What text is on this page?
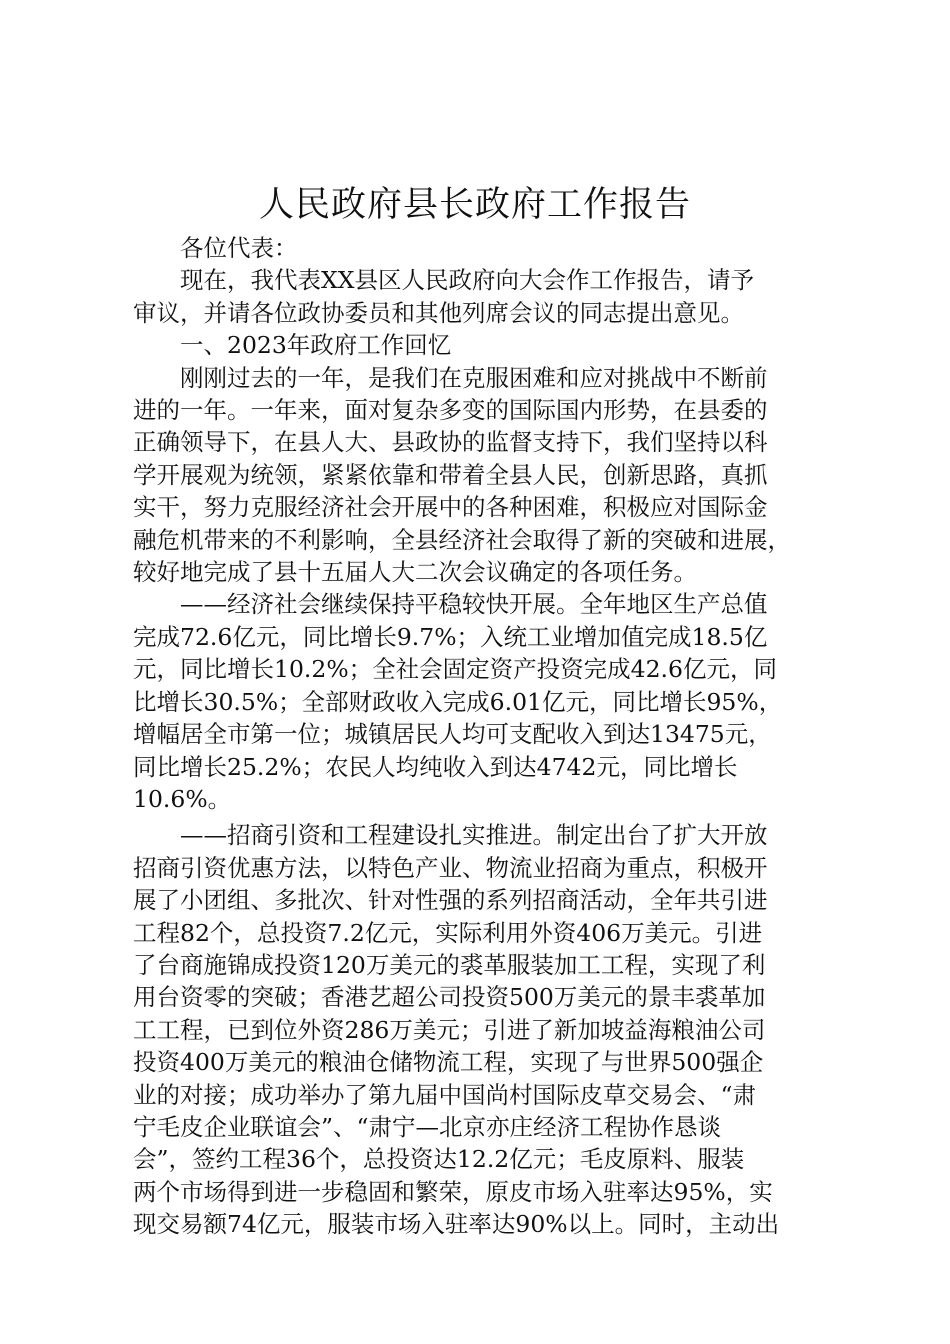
人民政府县长政府工作报告

各位代表：

现在，我代表XX县区人民政府向大会作工作报告，请予

审议，并请各位政协委员和其他列席会议的同志提出意见。

一、2023年政府工作回忆

刚刚过去的一年，是我们在克服困难和应对挑战中不断前

进的一年。一年来，面对复杂多变的国际国内形势，在县委的

正确领导下，在县人大、县政协的监督支持下，我们坚持以科

学开展观为统领，紧紧依靠和带着全县人民，创新思路，真抓

实干，努力克服经济社会开展中的各种困难，积极应对国际金

融危机带来的不利影响，全县经济社会取得了新的突破和进展，

较好地完成了县十五届人大二次会议确定的各项任务。

——经济社会继续保持平稳较快开展。全年地区生产总值

完成72.6亿元，同比增长9.7%；入统工业增加值完成18.5亿

元，同比增长10.2%；全社会固定资产投资完成42.6亿元，同

比增长30.5%；全部财政收入完成6.01亿元，同比增长95%，

增幅居全市第一位；城镇居民人均可支配收入到达13475元，

同比增长25.2%；农民人均纯收入到达4742元，同比增长

10.6%。

——招商引资和工程建设扎实推进。制定出台了扩大开放

招商引资优惠方法，以特色产业、物流业招商为重点，积极开

展了小团组、多批次、针对性强的系列招商活动，全年共引进

工程82个，总投资7.2亿元，实际利用外资406万美元。引进

了台商施锦成投资120万美元的裘革服装加工工程，实现了利

用台资零的突破；香港艺超公司投资500万美元的景丰裘革加

工工程，已到位外资286万美元；引进了新加坡益海粮油公司

投资400万美元的粮油仓储物流工程，实现了与世界500强企

业的对接；成功举办了第九届中国尚村国际皮草交易会、“肃

宁毛皮企业联谊会”、“肃宁—北京亦庄经济工程协作恳谈

会”，签约工程36个，总投资达12.2亿元；毛皮原料、服装

两个市场得到进一步稳固和繁荣，原皮市场入驻率达95%，实

现交易额74亿元，服装市场入驻率达90%以上。同时，主动出
